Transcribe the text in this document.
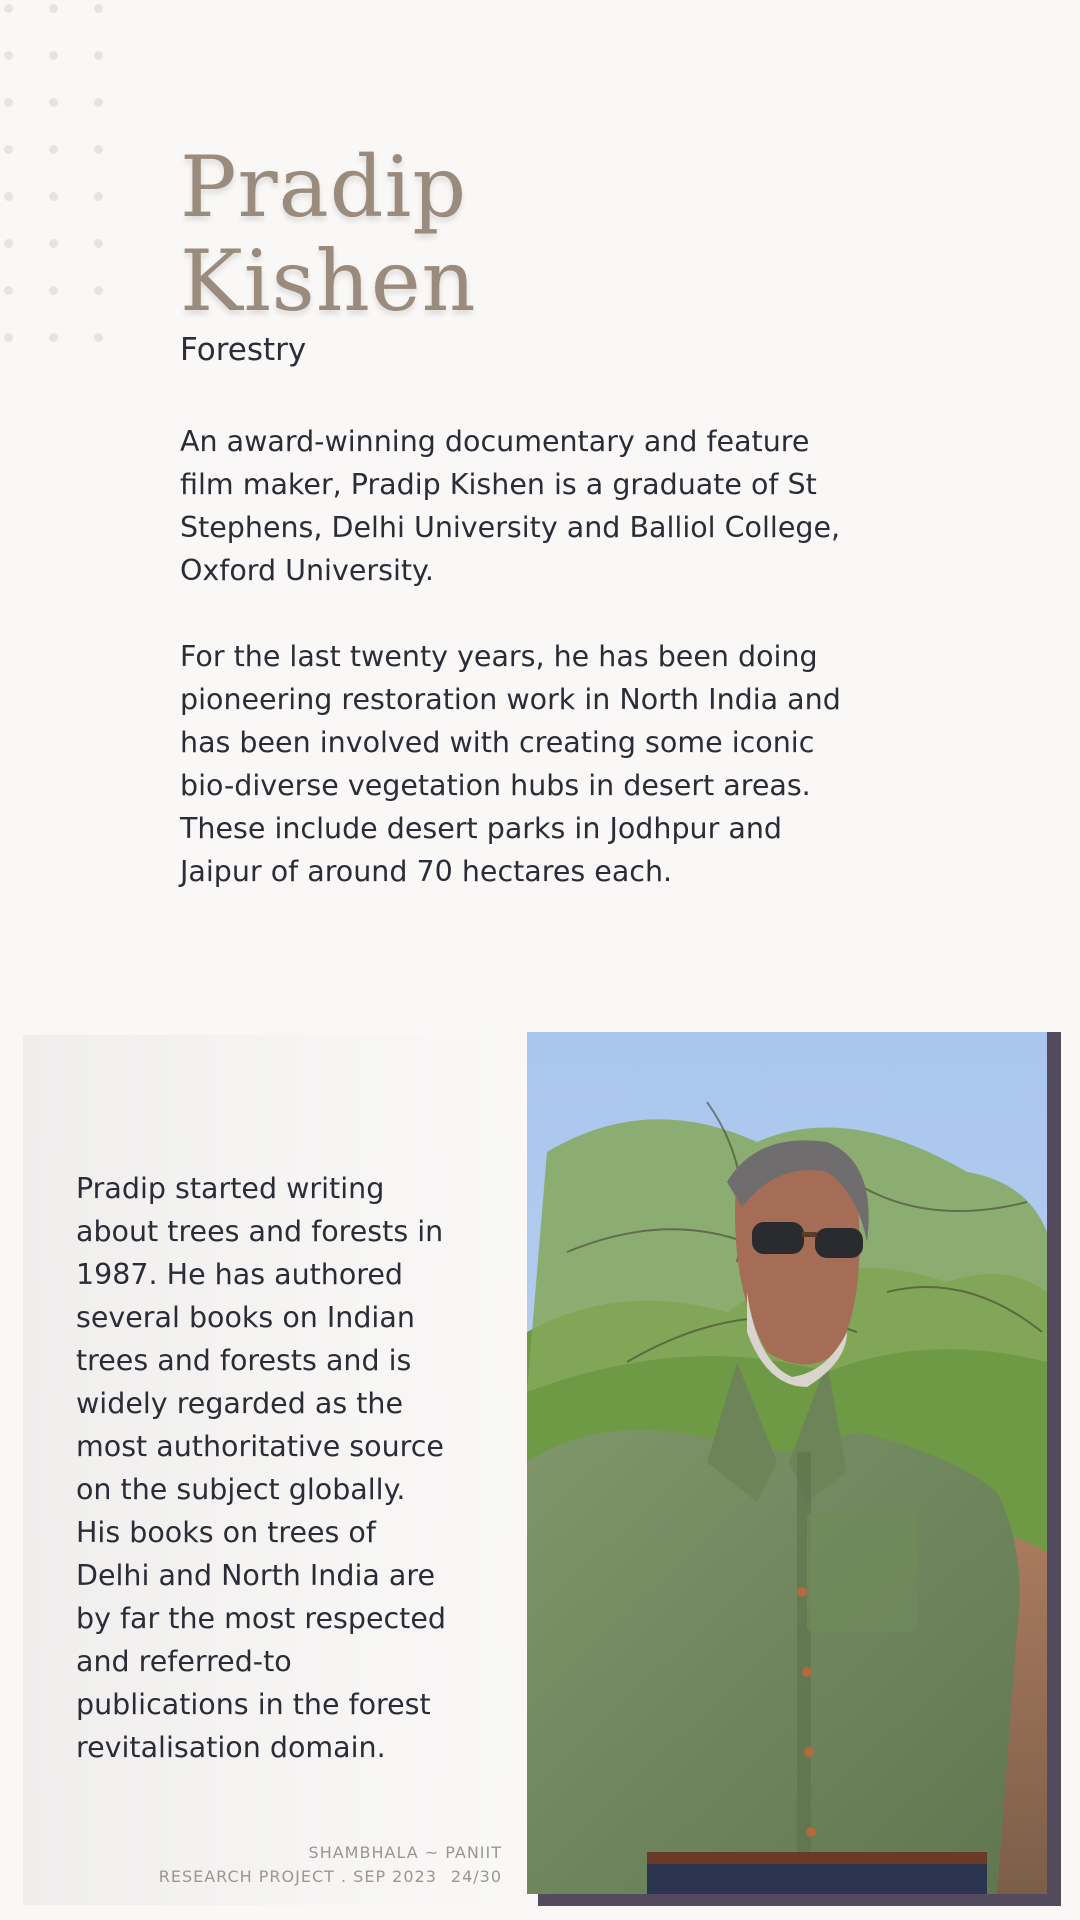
Pradip
Kishen
Forestry

An award-winning documentary and feature film maker, Pradip Kishen is a graduate of St Stephens, Delhi University and Balliol College, Oxford University.

For the last twenty years, he has been doing pioneering restoration work in North India and has been involved with creating some iconic bio-diverse vegetation hubs in desert areas. These include desert parks in Jodhpur and Jaipur of around 70 hectares each.

Pradip started writing about trees and forests in 1987. He has authored several books on Indian trees and forests and is widely regarded as the most authoritative source on the subject globally. His books on trees of Delhi and North India are by far the most respected and referred-to publications in the forest revitalisation domain.

SHAMBHALA ~ PANIIT
RESEARCH PROJECT . SEP 2023 24/30
